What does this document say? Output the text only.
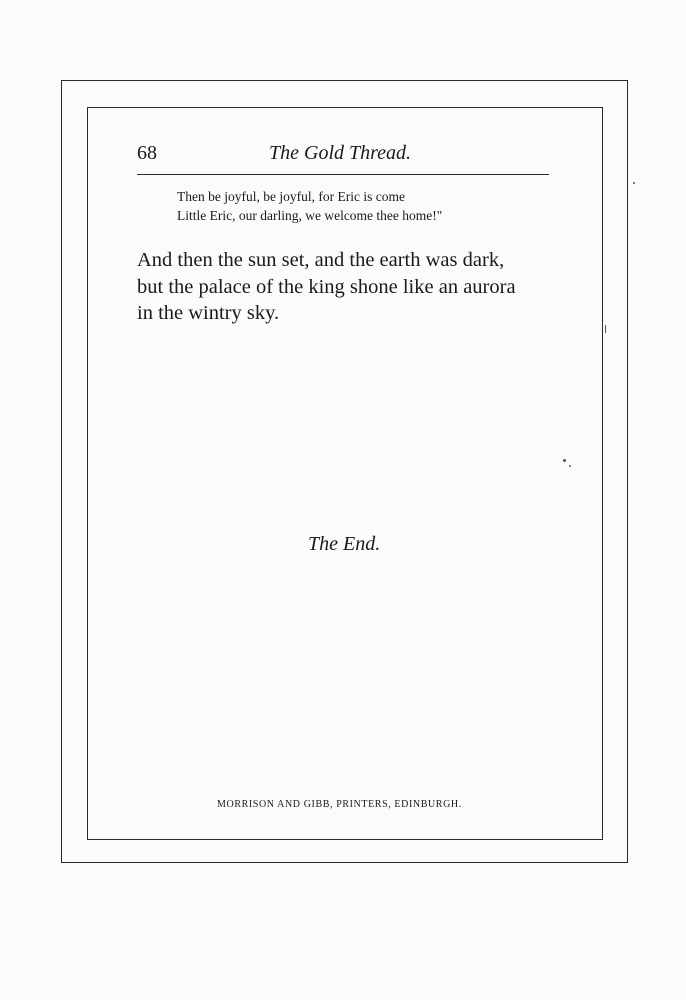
68	The Gold Thread.
Then be joyful, be joyful, for Eric is come
Little Eric, our darling, we welcome thee home!"
And then the sun set, and the earth was dark,
but the palace of the king shone like an aurora
in the wintry sky.
The End.
MORRISON AND GIBB, PRINTERS, EDINBURGH.
